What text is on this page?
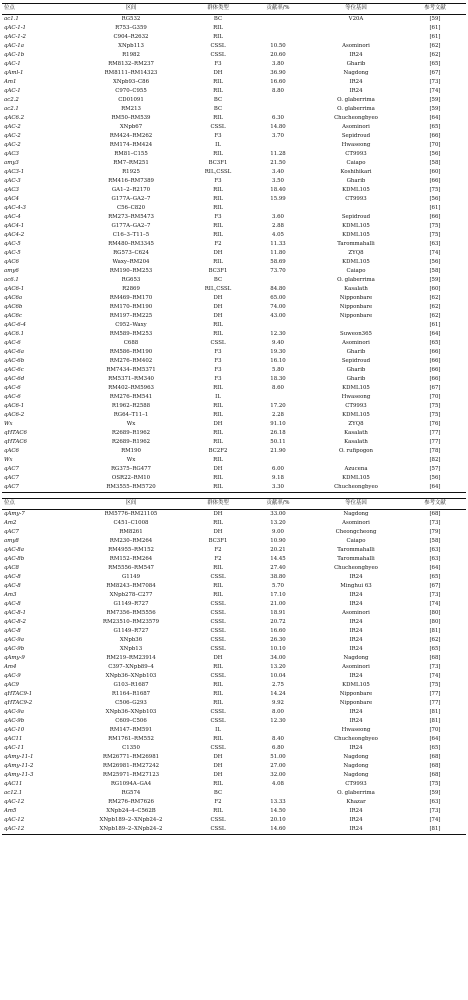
位点	区间	群体类型	贡献率/%	等位基因	参考文献
ac1.1	RG532	BC		V20A	[59]
qAC-1-1	R753–G359	RIL			[61]
qAC-1-2	C904–R2632	RIL			[61]
qAC-1a	XNpb113	CSSL	10.50	Asominori	[62]
qAC-1b	R1982	CSSL	20.60	IR24	[62]
qAC-1	RM8132–RM237	F3	3.80	Gharib	[65]
qAml-1	RM8111–RM14323	DH	36.90	Nagdong	[67]
Am1	XNpb93–C86	RIL	16.60	IR24	[73]
qAC-1	C970–C955	RIL	8.80	IR24	[74]
ac2.2	CD01091	BC		O. glaberrima	[59]
ac2.1	RM213	BC		O. glaberrima	[59]
qAC6.2	RM50–RM539	RIL	6.30	Chucheongbyeo	[64]
qAC-2	XNpb67	CSSL	14.80	Asominori	[65]
qAC-2	RM424–RM262	F3	3.70	Sepidroud	[66]
qAC-2	RM174–RM424	IL		Hwaseong	[70]
qAC3	RM81–C155	RIL	11.28	CT9993	[56]
amy3	RM7–RM251	BC3F1	21.50	Caiapo	[58]
qAC3-1	R1925	RIL,CSSL	3.40	Koshihikari	[60]
qAC-3	RM416–RM7389	F3	3.50	Gharib	[66]
qAC3	GA1–2–R2170	RIL	18.40	KDML105	[75]
qAC4	G177A–GA2–7	RIL	15.99	CT9993	[56]
qAC-4-3	C56–C820	RIL			[61]
qAC-4	RM273–RM5473	F3	3.60	Sepidroud	[66]
qAC4-1	G177A–GA2–7	RIL	2.88	KDML105	[75]
qAC4-2	C16–3–T11–5	RIL	4.05	KDML105	[75]
qAC-5	RM480–RM3345	F2	11.33	Tarommahalli	[63]
qAC-5	RG573–C624	DH	11.80	ZYQ8	[74]
qAC6	Waxy–RM204	RIL	58.69	KDML105	[56]
amy6	RM190–RM253	BC3F1	73.70	Caiapo	[58]
ac6.1	RG653	BC		O. glaberrima	[59]
qAC6-1	R2869	RIL,CSSL	84.80	Kasalath	[60]
qAC6a	RM469–RM170	DH	65.00	Nipponbare	[62]
qAC6b	RM170–RM190	DH	74.00	Nipponbare	[62]
qAC6c	RM197–RM225	DH	43.00	Nipponbare	[62]
qAC-6-4	C952–Waxy	RIL			[61]
qAC6.1	RM589–RM253	RIL	12.30	Suweon365	[64]
qAC-6	C688	CSSL	9.40	Asominori	[65]
qAC-6a	RM586–RM190	F3	19.30	Gharib	[66]
qAC-6b	RM276–RM402	F3	16.10	Sepidroud	[66]
qAC-6c	RM7434–RM5371	F3	5.80	Gharib	[66]
qAC-6d	RM5371–RM340	F3	18.30	Gharib	[66]
qAC-6	RM402–RM5963	RIL	8.60	KDML105	[67]
qAC-6	RM276–RM541	IL		Hwaseong	[70]
qAC6-1	R1962–R2588	RIL	17.20	CT9993	[75]
qAC6-2	RG64–T11–1	RIL	2.28	KDML105	[75]
Wx	Wx	DH	91.10	ZYQ8	[76]
qHTAC6	R2689–R1962	RIL	26.18	Kasalath	[77]
qHTAC6	R2689–R1962	RIL	50.11	Kasalath	[77]
qAC6	RM190	BC2F2	21.90	O. rufipogon	[78]
Wx	Wx	RIL			[82]
qAC7	RG375–RG477	DH	6.00	Azucena	[57]
qAC7	OSR22–RM10	RIL	9.18	KDML105	[56]
qAC7	RM3555–RM5720	RIL	3.30	Chucheongbyeo	[64]
位点	区间	群体类型	贡献率/%	等位基因	参考文献
qAmy-7	RM5776–RM21105	DH	33.00	Nagdong	[68]
Am2	C451–C1008	RIL	13.20	Asominori	[73]
qAC7	RM8261	DH	9.00	Cheongcheong	[79]
amy8	RM230–RM264	BC3F1	10.90	Caiapo	[58]
qAC-8a	RM4955–RM152	F2	20.21	Tarommahalli	[63]
qAC-8b	RM152–RM264	F2	14.45	Tarommahalli	[63]
qAC8	RM5556–RM547	RIL	27.40	Chucheongbyeo	[64]
qAC-8	G1149	CSSL	38.80	IR24	[65]
qAC-8	RM8243–RM7084	RIL	5.70	Minghui 63	[67]
Am3	XNpb278–C277	RIL	17.10	IR24	[73]
qAC-8	G1149–R727	CSSL	21.00	IR24	[74]
qAC-8-1	RM7356–RM5556	CSSL	18.91	Asominori	[80]
qAC-8-2	RM23510–RM23579	CSSL	20.72	IR24	[80]
qAC-8	G1149–R727	CSSL	16.60	IR24	[81]
qAC-9a	XNpb36	CSSL	26.30	IR24	[62]
qAC-9b	XNpb13	CSSL	10.10	IR24	[65]
qAmy-9	RM219–RM23914	DH	34.00	Nagdong	[68]
Am4	C397–XNpb89–4	RIL	13.20	Asominori	[73]
qAC-9	XNpb36–XNpb103	CSSL	10.04	IR24	[74]
qAC9	G103–R1687	RIL	2.75	KDML105	[75]
qHTAC9-1	R1164–R1687	RIL	14.24	Nipponbare	[77]
qHTAC9-2	C506–G293	RIL	9.92	Nipponbare	[77]
qAC-9a	XNpb36–XNpb103	CSSL	8.00	IR24	[81]
qAC-9b	C609–C506	CSSL	12.30	IR24	[81]
qAC-10	RM147–RM591	IL		Hwaseong	[70]
qAC11	RM1761–RM552	RIL	8.40	Chucheongbyeo	[64]
qAC-11	C1350	CSSL	6.80	IR24	[65]
qAmy-11-1	RM26771–RM26981	DH	51.00	Nagdong	[68]
qAmy-11-2	RM26981–RM27242	DH	27.00	Nagdong	[68]
qAmy-11-3	RM25971–RM27123	DH	32.00	Nagdong	[68]
qAC11	RG1094A–GA4	RIL	4.08	CT9993	[75]
ac12.1	RG574	BC		O. glaberrima	[59]
qAC-12	RM276–RM7626	F2	13.33	Khazar	[63]
Am5	XNpb24–4–C562B	RIL	14.50	IR24	[73]
qAC-12	XNpb189–2–XNpb24–2	CSSL	20.10	IR24	[74]
qAC-12	XNpb189–2–XNpb24–2	CSSL	14.60	IR24	[81]
